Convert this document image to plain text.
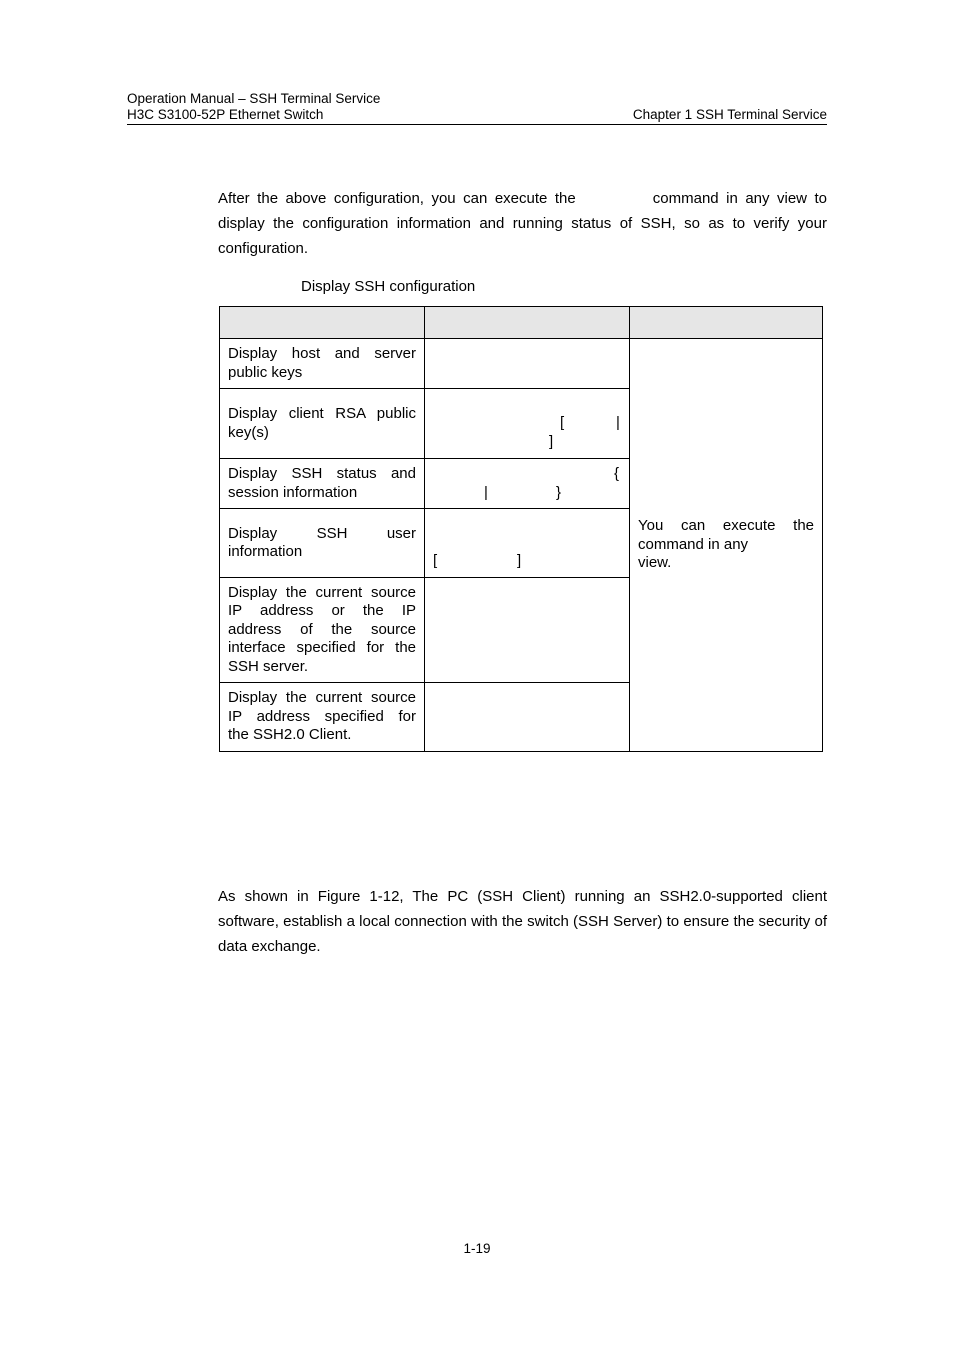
Operation Manual – SSH Terminal Service
H3C S3100-52P Ethernet Switch	Chapter 1 SSH Terminal Service

After the above configuration, you can execute the	command in any view to display the configuration information and running status of SSH, so as to verify your configuration.

Display SSH configuration

Display host and server
public keys		You can execute the
command in any
view.

Display client RSA public
key(s)	[ |
]	

Display SSH status and
session information	{
| }	

Display SSH user
information	[ ]	

Display the current source
IP address or the IP
address of the source
interface specified for the
SSH server.		

Display the current source
IP address specified for
the SSH2.0 Client.		

As shown in Figure 1-12, The PC (SSH Client) running an SSH2.0-supported client software, establish a local connection with the switch (SSH Server) to ensure the security of data exchange.

1-19
